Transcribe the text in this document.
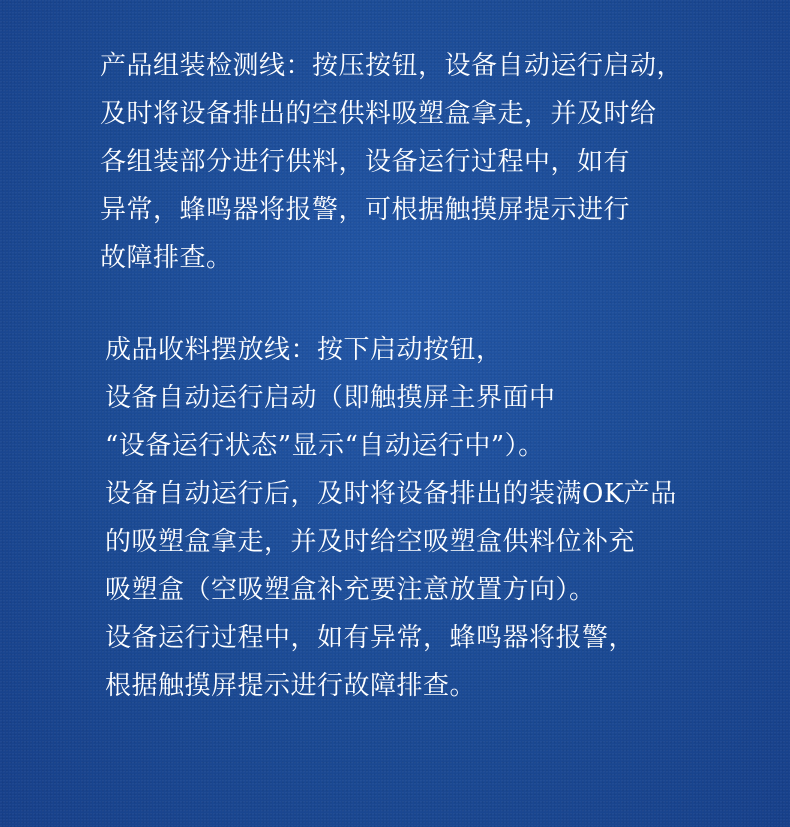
产品组装检测线：按压按钮，设备自动运行启动，
及时将设备排出的空供料吸塑盒拿走，并及时给
各组装部分进行供料，设备运行过程中，如有
异常，蜂鸣器将报警，可根据触摸屏提示进行
故障排查。
成品收料摆放线：按下启动按钮，
设备自动运行启动（即触摸屏主界面中
“设备运行状态”显示“自动运行中”）。
设备自动运行后，及时将设备排出的装满OK产品
的吸塑盒拿走，并及时给空吸塑盒供料位补充
吸塑盒（空吸塑盒补充要注意放置方向）。
设备运行过程中，如有异常，蜂鸣器将报警，
根据触摸屏提示进行故障排查。
